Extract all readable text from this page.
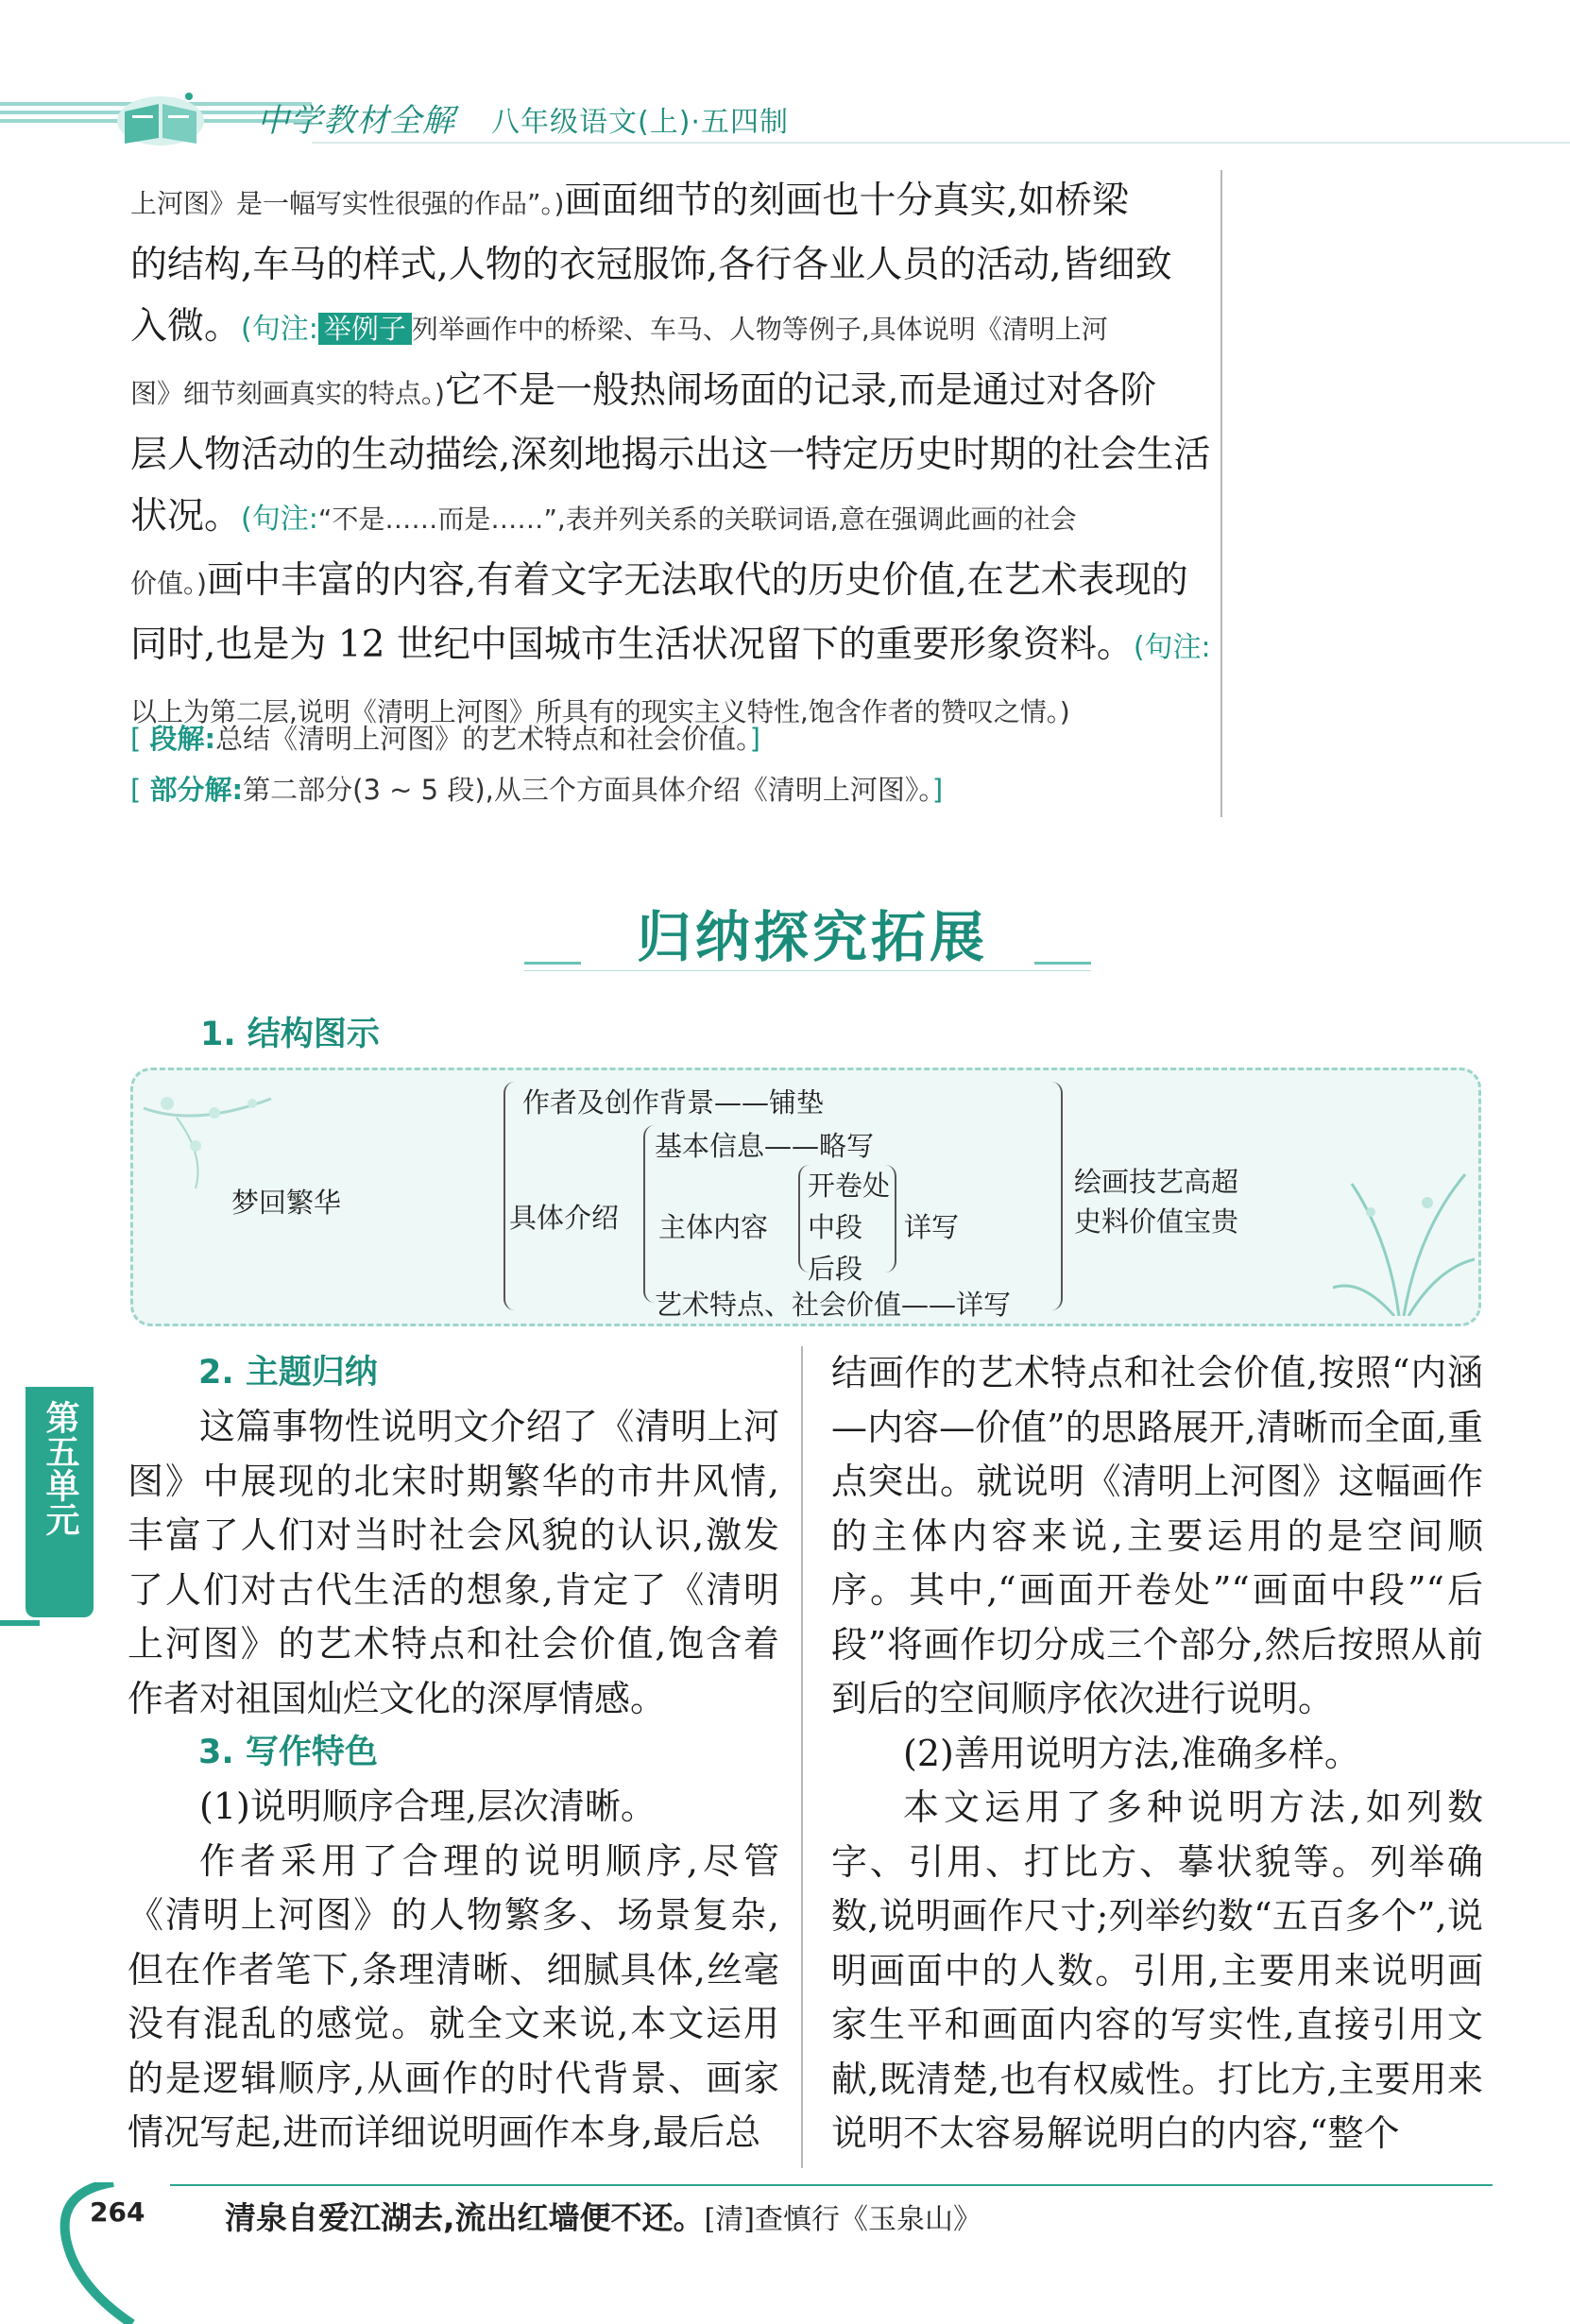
中学教材全解 八年级语文(上)·五四制
上河图》是一幅写实性很强的作品”。)画面细节的刻画也十分真实,如桥梁
的结构,车马的样式,人物的衣冠服饰,各行各业人员的活动,皆细致
入微。(句注: 举例子 列举画作中的桥梁、车马、人物等例子,具体说明《清明上河
图》细节刻画真实的特点。)它不是一般热闹场面的记录,而是通过对各阶
层人物活动的生动描绘,深刻地揭示出这一特定历史时期的社会生活
状况。(句注:“不是……而是……”,表并列关系的关联词语,意在强调此画的社会
价值。)画中丰富的内容,有着文字无法取代的历史价值,在艺术表现的
同时,也是为 12 世纪中国城市生活状况留下的重要形象资料。(句注:
以上为第二层,说明《清明上河图》所具有的现实主义特性,饱含作者的赞叹之情。)
[ 段解:总结《清明上河图》的艺术特点和社会价值。]
[ 部分解:第二部分(3 ~ 5 段),从三个方面具体介绍《清明上河图》。]
归纳探究拓展
1. 结构图示
梦回繁华
作者及创作背景——铺垫
具体介绍
基本信息——略写
主体内容
开卷处
中段
后段
详写
艺术特点、社会价值——详写
绘画技艺高超
史料价值宝贵
第五单元
2. 主题归纳

这篇事物性说明文介绍了《清明上河图》中展现的北宋时期繁华的市井风情,丰富了人们对当时社会风貌的认识,激发了人们对古代生活的想象,肯定了《清明上河图》的艺术特点和社会价值,饱含着作者对祖国灿烂文化的深厚情感。

3. 写作特色

(1)说明顺序合理,层次清晰。

作者采用了合理的说明顺序,尽管《清明上河图》的人物繁多、场景复杂,但在作者笔下,条理清晰、细腻具体,丝毫没有混乱的感觉。就全文来说,本文运用的是逻辑顺序,从画作的时代背景、画家情况写起,进而详细说明画作本身,最后总

结画作的艺术特点和社会价值,按照“内涵—内容—价值”的思路展开,清晰而全面,重点突出。就说明《清明上河图》这幅画作的主体内容来说,主要运用的是空间顺序。其中,“画面开卷处”“画面中段”“后段”将画作切分成三个部分,然后按照从前到后的空间顺序依次进行说明。

(2)善用说明方法,准确多样。

本文运用了多种说明方法,如列数字、引用、打比方、摹状貌等。列举确数,说明画作尺寸;列举约数“五百多个”,说明画面中的人数。引用,主要用来说明画家生平和画面内容的写实性,直接引用文献,既清楚,也有权威性。打比方,主要用来说明不太容易解说明白的内容,“整个

264	清泉自爱江湖去,流出红墙便不还。[清]查慎行《玉泉山》
